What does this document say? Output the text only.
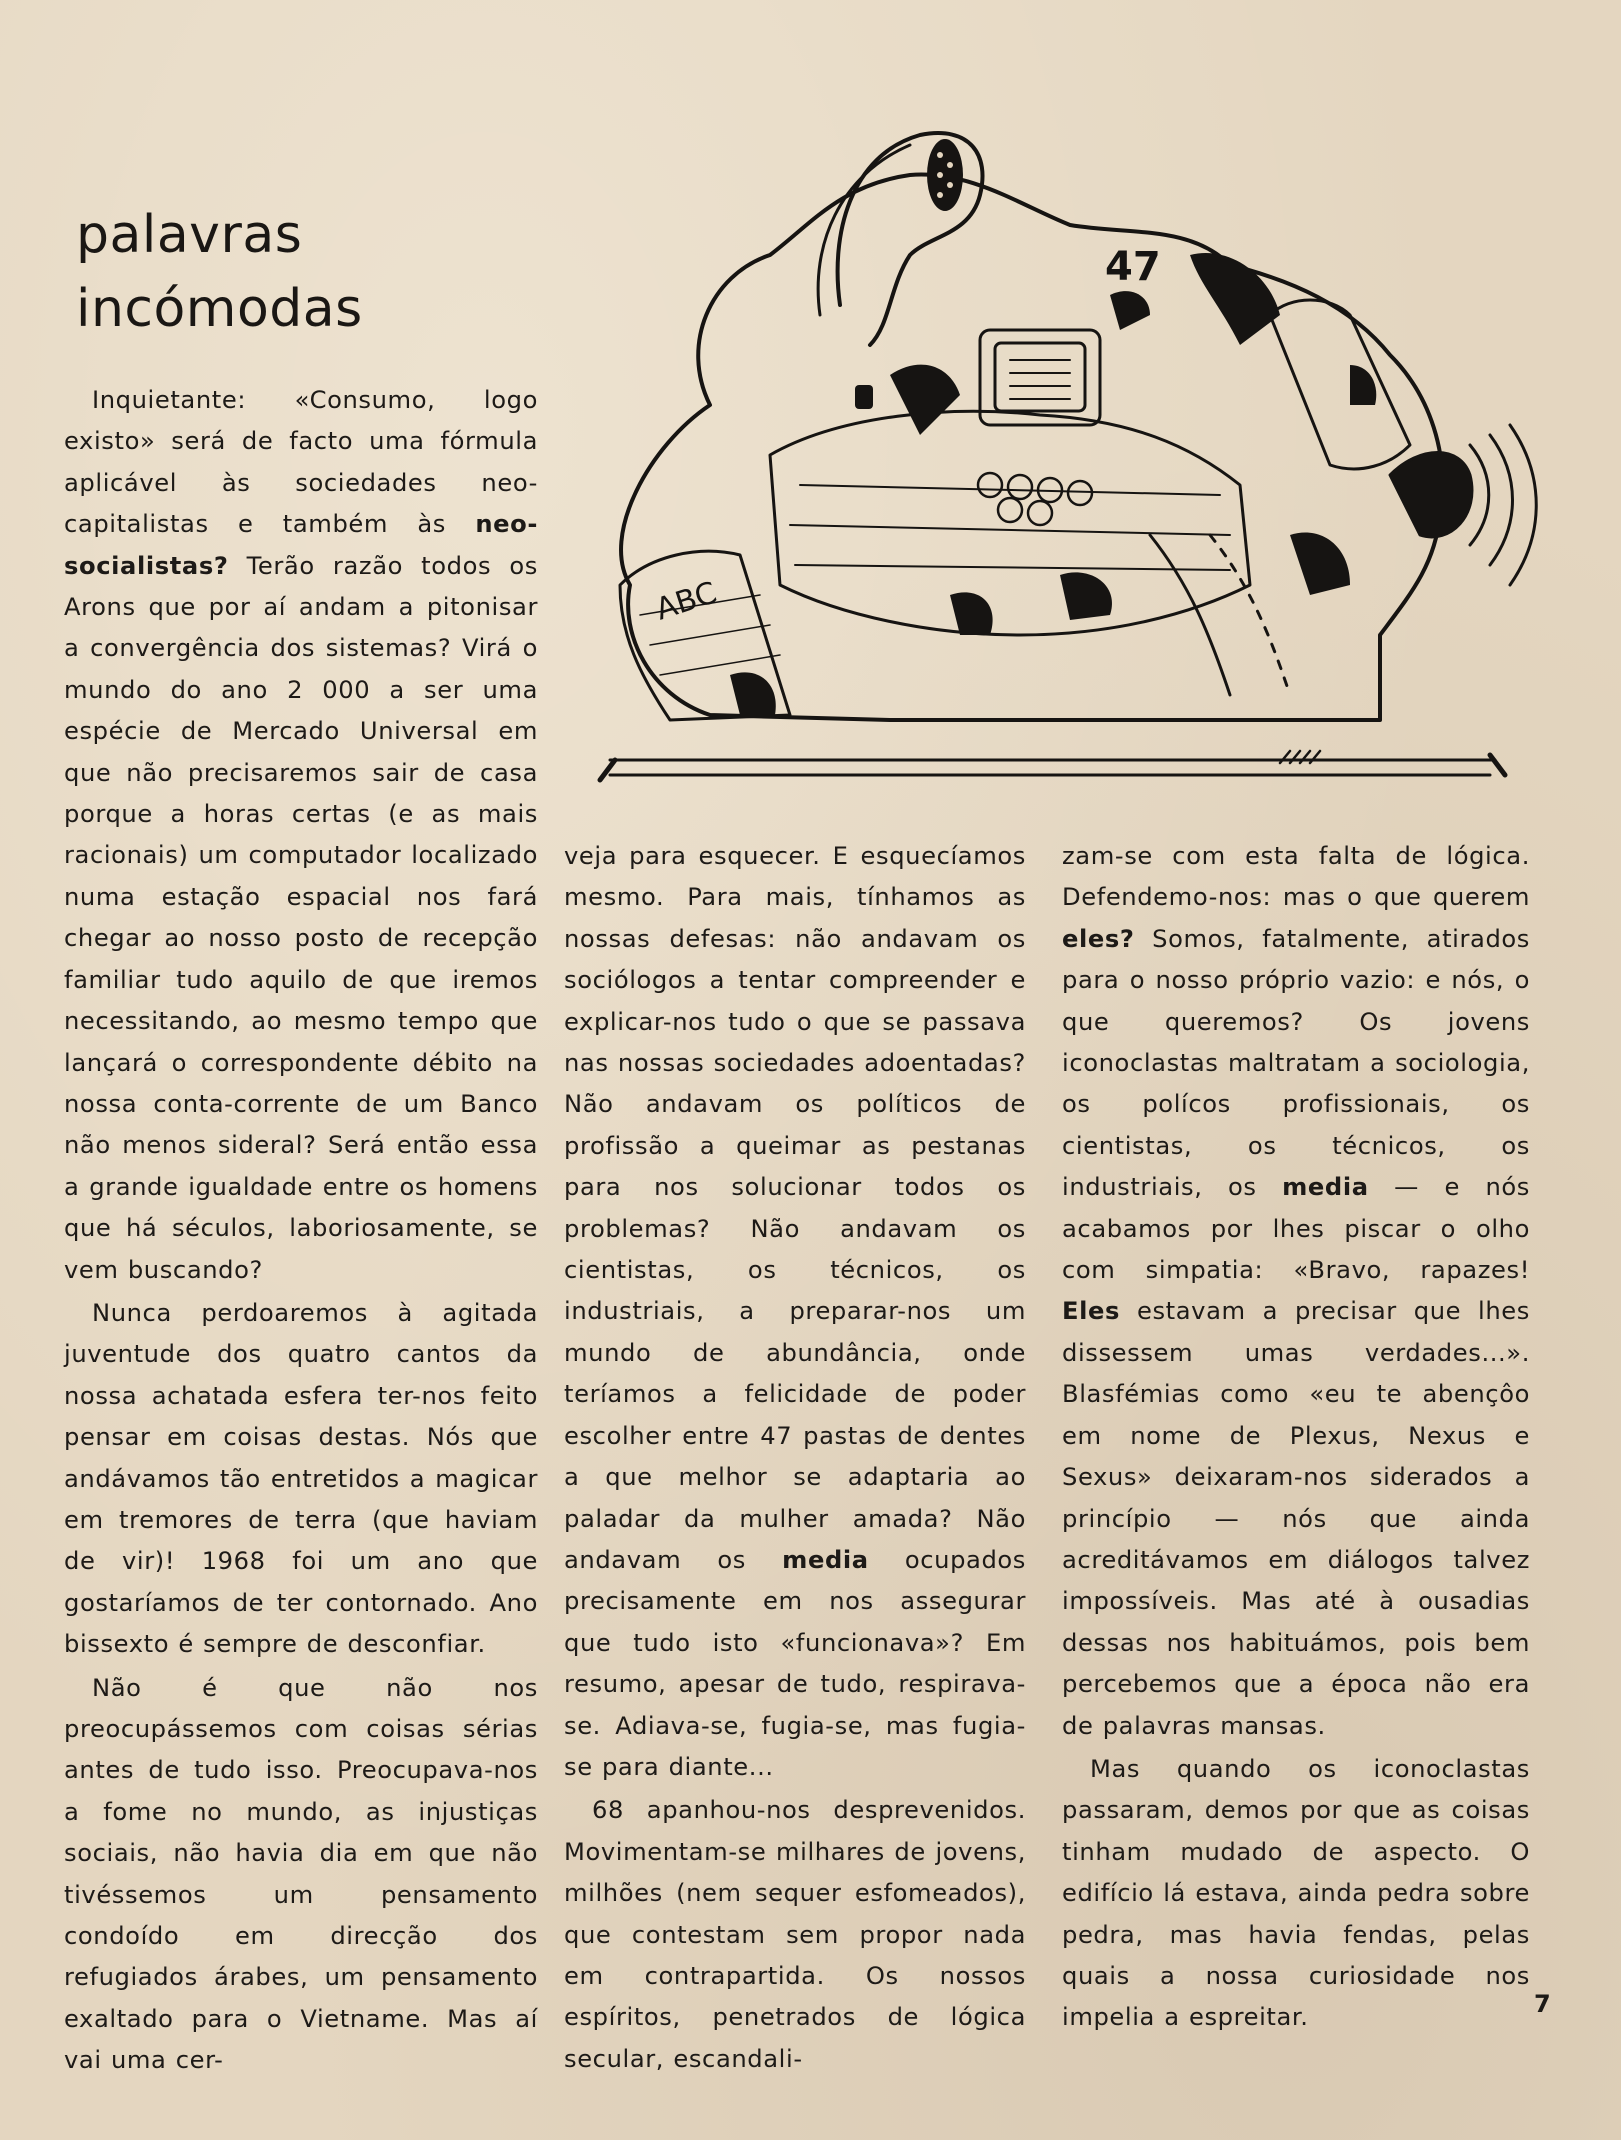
palavras
incómodas
ABC
47

Inquietante: «Consumo, logo existo» será de facto uma fórmula aplicável às sociedades neo-capitalistas e também às neo-socialistas? Terão razão todos os Arons que por aí andam a pitonisar a convergência dos sistemas? Virá o mundo do ano 2 000 a ser uma espécie de Mercado Universal em que não precisaremos sair de casa porque a horas certas (e as mais racionais) um computador localizado numa estação espacial nos fará chegar ao nosso posto de recepção familiar tudo aquilo de que iremos necessitando, ao mesmo tempo que lançará o correspondente débito na nossa conta-corrente de um Banco não menos sideral? Será então essa a grande igualdade entre os homens que há séculos, laboriosamente, se vem buscando?

Nunca perdoaremos à agitada juventude dos quatro cantos da nossa achatada esfera ter-nos feito pensar em coisas destas. Nós que andávamos tão entretidos a magicar em tremores de terra (que haviam de vir)! 1968 foi um ano que gostaríamos de ter contornado. Ano bissexto é sempre de desconfiar.

Não é que não nos preocupássemos com coisas sérias antes de tudo isso. Preocupava-nos a fome no mundo, as injustiças sociais, não havia dia em que não tivéssemos um pensamento condoído em direcção dos refugiados árabes, um pensamento exaltado para o Vietname. Mas aí vai uma cer-

veja para esquecer. E esquecíamos mesmo. Para mais, tínhamos as nossas defesas: não andavam os sociólogos a tentar compreender e explicar-nos tudo o que se passava nas nossas sociedades adoentadas? Não andavam os políticos de profissão a queimar as pestanas para nos solucionar todos os problemas? Não andavam os cientistas, os técnicos, os industriais, a preparar-nos um mundo de abundância, onde teríamos a felicidade de poder escolher entre 47 pastas de dentes a que melhor se adaptaria ao paladar da mulher amada? Não andavam os media ocupados precisamente em nos assegurar que tudo isto «funcionava»? Em resumo, apesar de tudo, respirava-se. Adiava-se, fugia-se, mas fugia-se para diante...

68 apanhou-nos desprevenidos. Movimentam-se milhares de jovens, milhões (nem sequer esfomeados), que contestam sem propor nada em contrapartida. Os nossos espíritos, penetrados de lógica secular, escandali-

zam-se com esta falta de lógica. Defendemo-nos: mas o que querem eles? Somos, fatalmente, atirados para o nosso próprio vazio: e nós, o que queremos? Os jovens iconoclastas maltratam a sociologia, os polícos profissionais, os cientistas, os técnicos, os industriais, os media — e nós acabamos por lhes piscar o olho com simpatia: «Bravo, rapazes! Eles estavam a precisar que lhes dissessem umas verdades...». Blasfémias como «eu te abençôo em nome de Plexus, Nexus e Sexus» deixaram-nos siderados a princípio — nós que ainda acreditávamos em diálogos talvez impossíveis. Mas até à ousadias dessas nos habituámos, pois bem percebemos que a época não era de palavras mansas.

Mas quando os iconoclastas passaram, demos por que as coisas tinham mudado de aspecto. O edifício lá estava, ainda pedra sobre pedra, mas havia fendas, pelas quais a nossa curiosidade nos impelia a espreitar.	7
